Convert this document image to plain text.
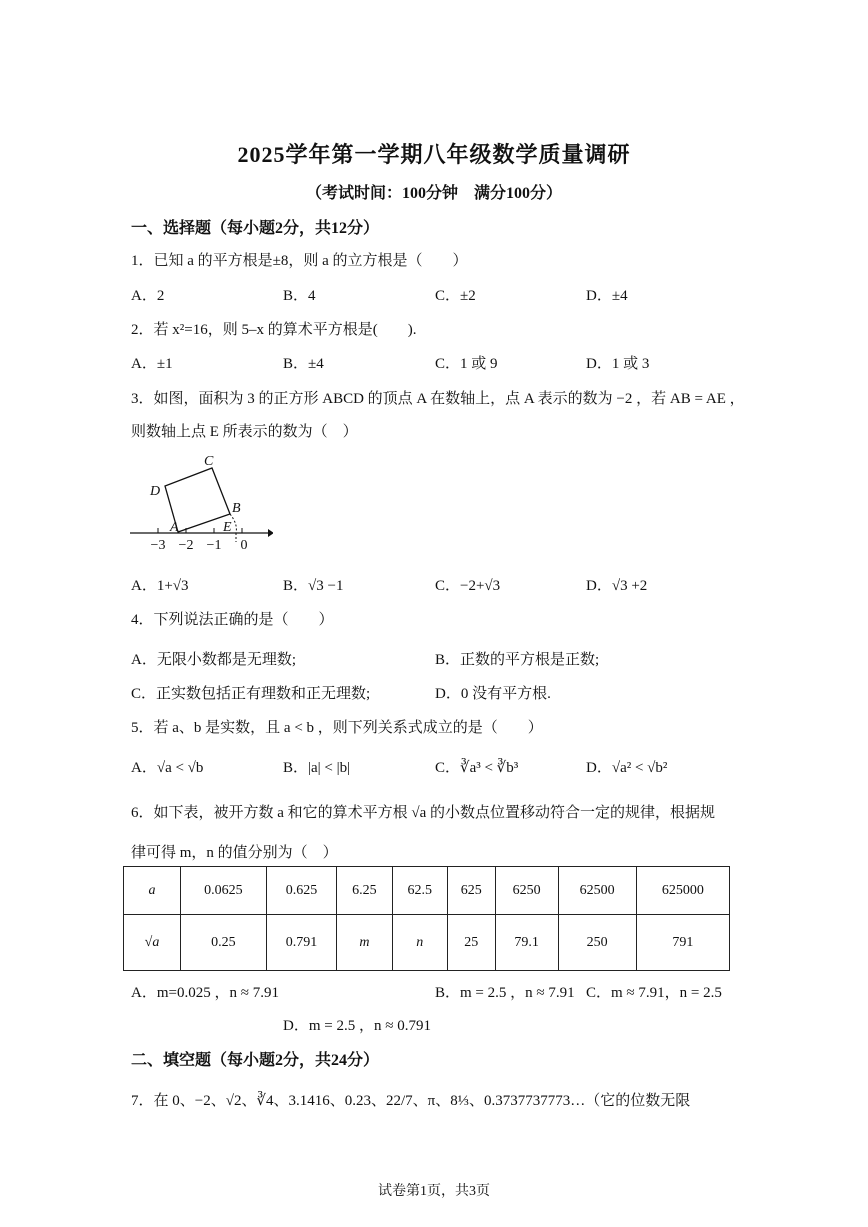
2025学年第一学期八年级数学质量调研
（考试时间：100分钟　满分100分）
一、选择题（每小题2分，共12分）
1．已知 a 的平方根是±8，则 a 的立方根是（　　）
A．2	B．4	C．±2	D．±4
2．若 x²=16，则 5–x 的算术平方根是(　　).
A．±1	B．±4	C．1 或 9	D．1 或 3
3．如图，面积为 3 的正方形 ABCD 的顶点 A 在数轴上，点 A 表示的数为 −2 ，若 AB = AE ，
则数轴上点 E 所表示的数为（　）
C
D
B
A	E
−3 −2 −1 0
A．1+√3	B．√3 −1	C．−2+√3	D．√3 +2
4．下列说法正确的是（　　）
A．无限小数都是无理数;	B．正数的平方根是正数;
C．正实数包括正有理数和正无理数;	D．0 没有平方根.
5．若 a、b 是实数，且 a < b ，则下列关系式成立的是（　　）
A．√a < √b	B．|a| < |b|	C．∛a³ < ∛b³	D．√a² < √b²
6．如下表，被开方数 a 和它的算术平方根 √a 的小数点位置移动符合一定的规律，根据规
律可得 m，n 的值分别为（　）
a	0.0625	0.625	6.25	62.5	625	6250	62500	625000
√a	0.25	0.791	m	n	25	79.1	250	791
A．m=0.025 ，n ≈ 7.91	B．m = 2.5 ，n ≈ 7.91 C．m ≈ 7.91，n = 2.5
D．m = 2.5 ，n ≈ 0.791
二、填空题（每小题2分，共24分）
7．在 0、−2、√2、∛4、3.1416、0.23、22/7、π、8⅓、0.3737737773…（它的位数无限
试卷第1页，共3页
